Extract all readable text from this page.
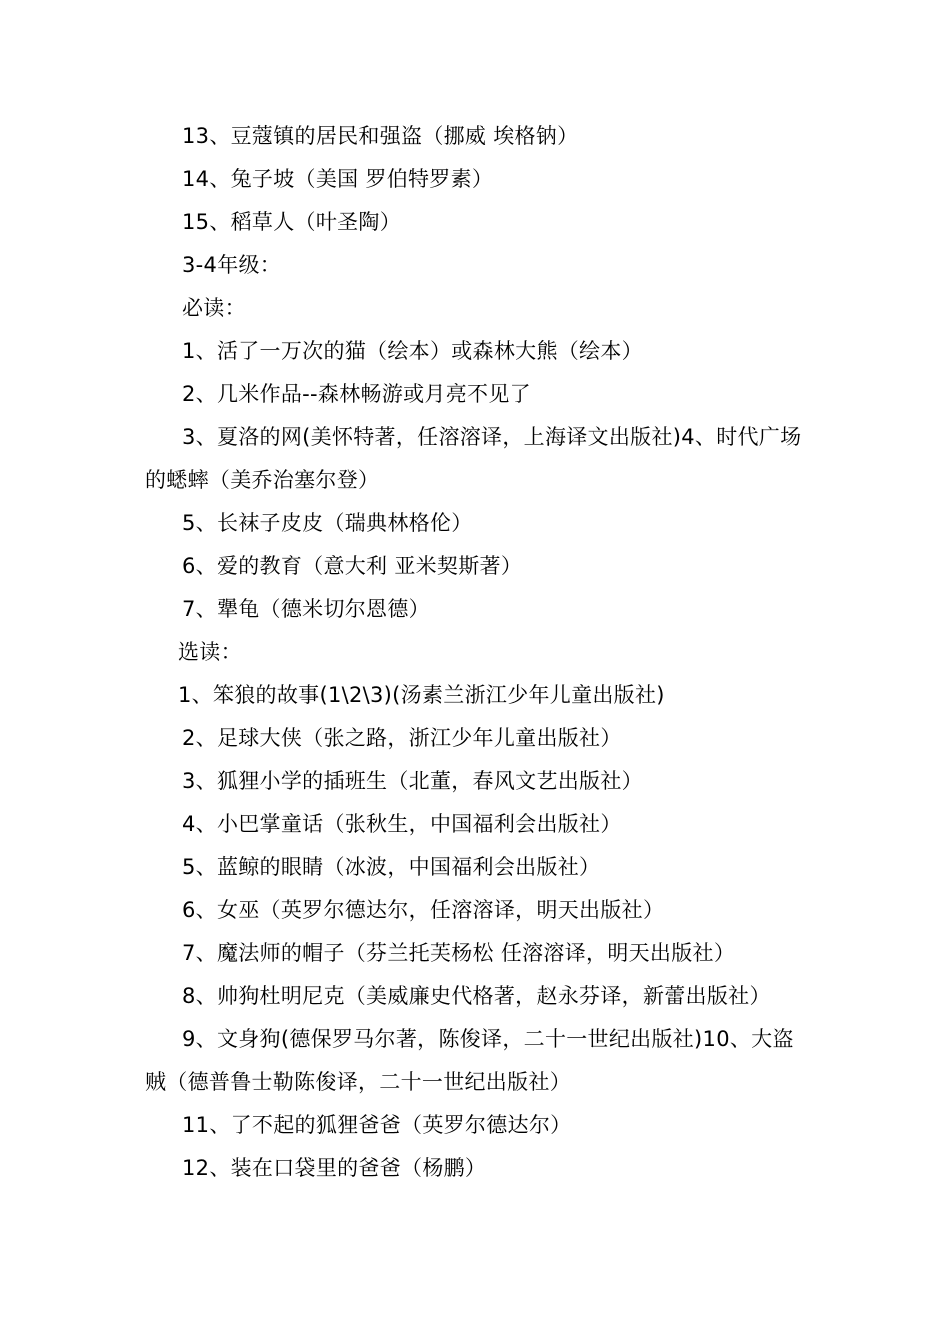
13、豆蔻镇的居民和强盗（挪威 埃格钠）
14、兔子坡（美国 罗伯特罗素）
15、稻草人（叶圣陶）
3-4年级：
必读：
1、活了一万次的猫（绘本）或森林大熊（绘本）
2、几米作品--森林畅游或月亮不见了
3、夏洛的网(美怀特著，任溶溶译，上海译文出版社)4、时代广场
的蟋蟀（美乔治塞尔登）
5、长袜子皮皮（瑞典林格伦）
6、爱的教育（意大利 亚米契斯著）
7、犟龟（德米切尔恩德）
选读：
1、笨狼的故事(1\2\3)(汤素兰浙江少年儿童出版社)
2、足球大侠（张之路，浙江少年儿童出版社）
3、狐狸小学的插班生（北董，春风文艺出版社）
4、小巴掌童话（张秋生，中国福利会出版社）
5、蓝鲸的眼睛（冰波，中国福利会出版社）
6、女巫（英罗尔德达尔，任溶溶译，明天出版社）
7、魔法师的帽子（芬兰托芙杨松 任溶溶译，明天出版社）
8、帅狗杜明尼克（美威廉史代格著，赵永芬译，新蕾出版社）
9、文身狗(德保罗马尔著，陈俊译，二十一世纪出版社)10、大盗
贼（德普鲁士勒陈俊译，二十一世纪出版社）
11、了不起的狐狸爸爸（英罗尔德达尔）
12、装在口袋里的爸爸（杨鹏）
